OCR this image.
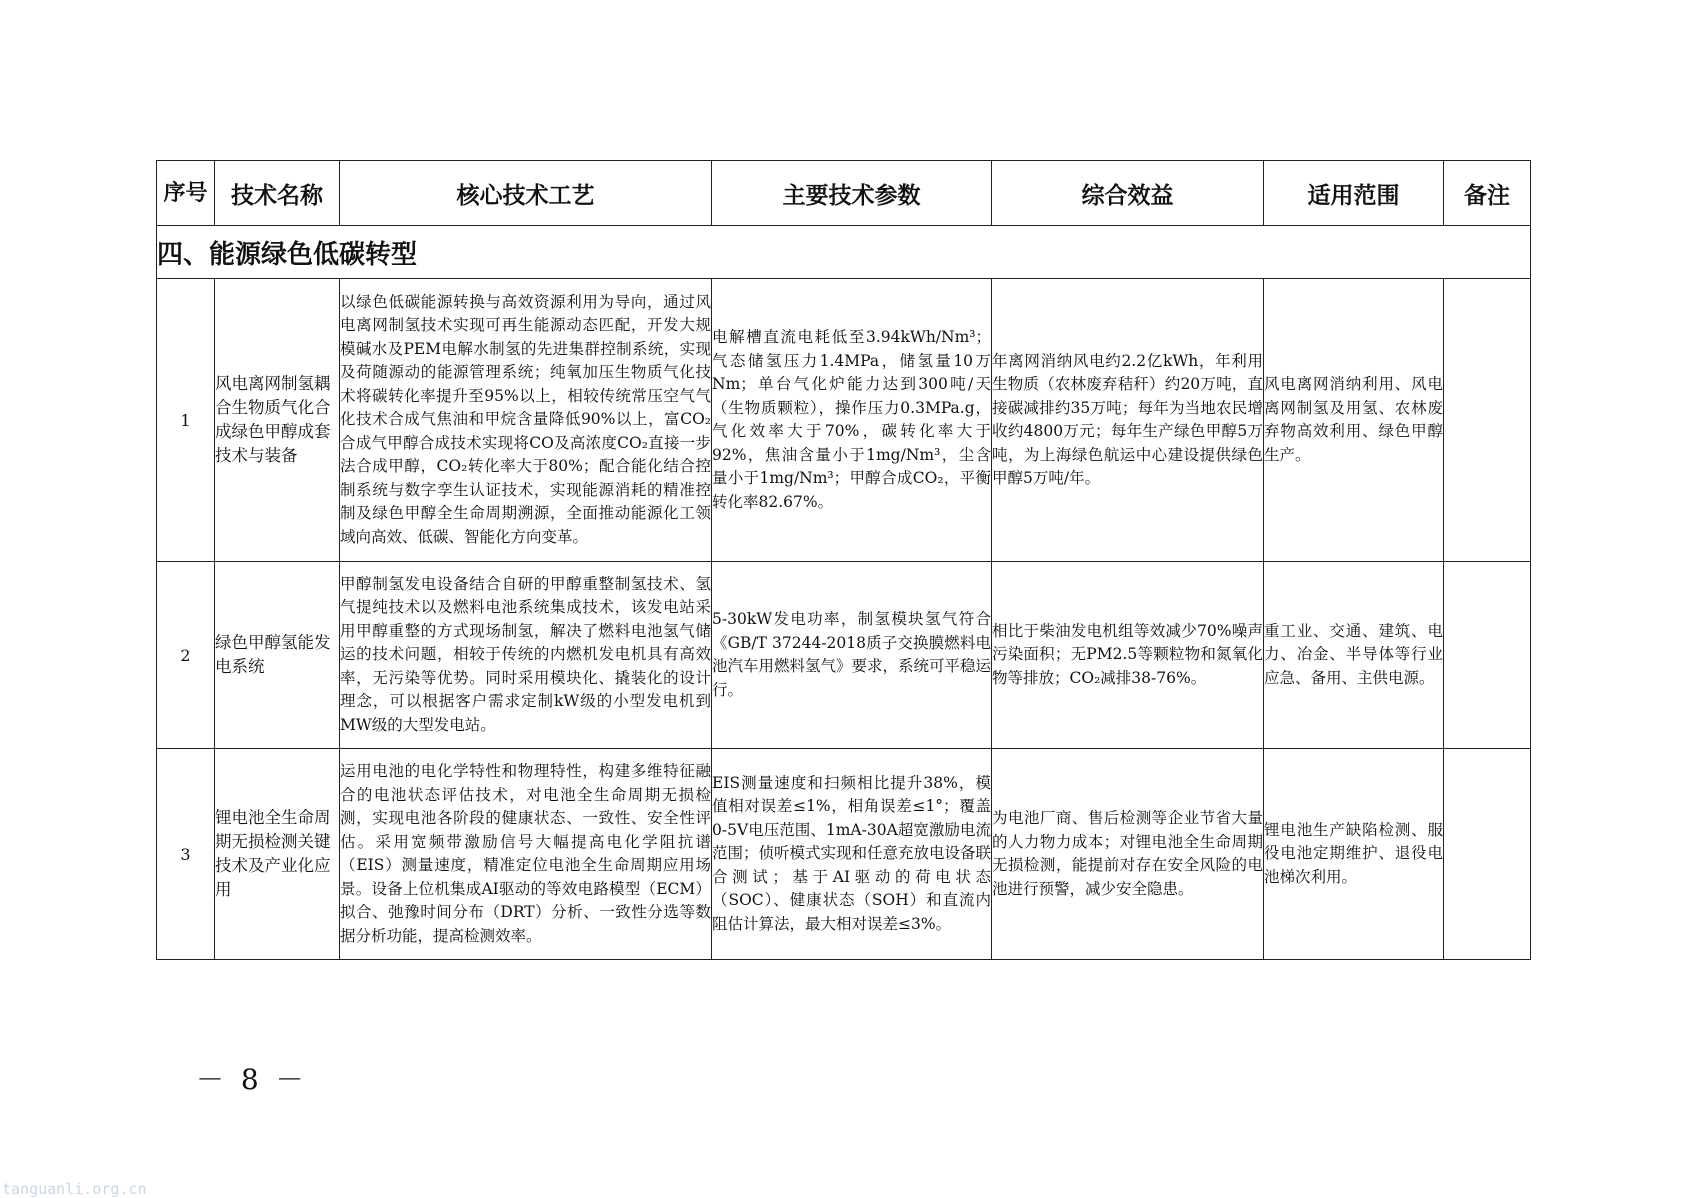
序号	技术名称	核心技术工艺	主要技术参数	综合效益	适用范围	备注
四、能源绿色低碳转型						
1	风电离网制氢耦合生物质气化合成绿色甲醇成套技术与装备	以绿色低碳能源转换与高效资源利用为导向，通过风电离网制氢技术实现可再生能源动态匹配，开发大规模碱水及PEM电解水制氢的先进集群控制系统，实现及荷随源动的能源管理系统；纯氧加压生物质气化技术将碳转化率提升至95%以上，相较传统常压空气气化技术合成气焦油和甲烷含量降低90%以上，富CO₂合成气甲醇合成技术实现将CO及高浓度CO₂直接一步法合成甲醇，CO₂转化率大于80%；配合能化结合控制系统与数字孪生认证技术，实现能源消耗的精准控制及绿色甲醇全生命周期溯源，全面推动能源化工领域向高效、低碳、智能化方向变革。	电解槽直流电耗低至3.94kWh/Nm³；气态储氢压力1.4MPa，储氢量10万Nm；单台气化炉能力达到300吨/天（生物质颗粒），操作压力0.3MPa.g，气化效率大于70%，碳转化率大于92%，焦油含量小于1mg/Nm³，尘含量小于1mg/Nm³；甲醇合成CO₂，平衡转化率82.67%。	年离网消纳风电约2.2亿kWh，年利用生物质（农林废弃秸秆）约20万吨，直接碳减排约35万吨；每年为当地农民增收约4800万元；每年生产绿色甲醇5万吨，为上海绿色航运中心建设提供绿色甲醇5万吨/年。	风电离网消纳利用、风电离网制氢及用氢、农林废弃物高效利用、绿色甲醇生产。	
2	绿色甲醇氢能发电系统	甲醇制氢发电设备结合自研的甲醇重整制氢技术、氢气提纯技术以及燃料电池系统集成技术，该发电站采用甲醇重整的方式现场制氢，解决了燃料电池氢气储运的技术问题，相较于传统的内燃机发电机具有高效率，无污染等优势。同时采用模块化、撬装化的设计理念，可以根据客户需求定制kW级的小型发电机到MW级的大型发电站。	5-30kW发电功率，制氢模块氢气符合《GB/T 37244-2018质子交换膜燃料电池汽车用燃料氢气》要求，系统可平稳运行。	相比于柴油发电机组等效减少70%噪声污染面积；无PM2.5等颗粒物和氮氧化物等排放；CO₂减排38-76%。	重工业、交通、建筑、电力、冶金、半导体等行业应急、备用、主供电源。	
3	锂电池全生命周期无损检测关键技术及产业化应用	运用电池的电化学特性和物理特性，构建多维特征融合的电池状态评估技术，对电池全生命周期无损检测，实现电池各阶段的健康状态、一致性、安全性评估。采用宽频带激励信号大幅提高电化学阻抗谱（EIS）测量速度，精准定位电池全生命周期应用场景。设备上位机集成AI驱动的等效电路模型（ECM）拟合、弛豫时间分布（DRT）分析、一致性分选等数据分析功能，提高检测效率。	EIS测量速度和扫频相比提升38%，模值相对误差≤1%，相角误差≤1°；覆盖0-5V电压范围、1mA-30A超宽激励电流范围；侦听模式实现和任意充放电设备联合测试；基于AI驱动的荷电状态（SOC）、健康状态（SOH）和直流内阻估计算法，最大相对误差≤3%。	为电池厂商、售后检测等企业节省大量的人力物力成本；对锂电池全生命周期无损检测，能提前对存在安全风险的电池进行预警，减少安全隐患。	锂电池生产缺陷检测、服役电池定期维护、退役电池梯次利用。	
－ 8 －
tanguanli.org.cn
